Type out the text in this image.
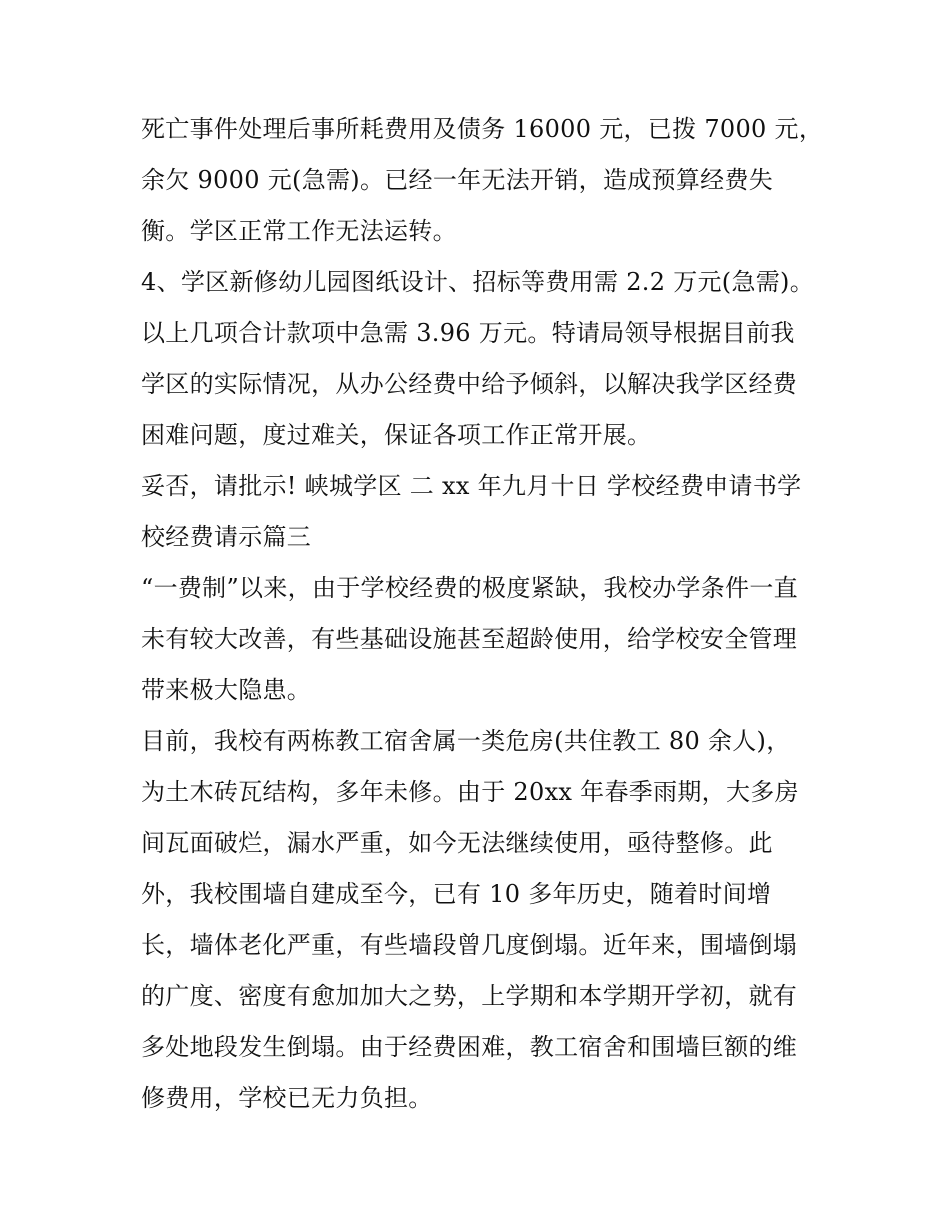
死亡事件处理后事所耗费用及债务 16000 元，已拨 7000 元，
余欠 9000 元(急需)。已经一年无法开销，造成预算经费失
衡。学区正常工作无法运转。
4、学区新修幼儿园图纸设计、招标等费用需 2.2 万元(急需)。
以上几项合计款项中急需 3.96 万元。特请局领导根据目前我
学区的实际情况，从办公经费中给予倾斜，以解决我学区经费
困难问题，度过难关，保证各项工作正常开展。
妥否，请批示! 峡城学区 二 xx 年九月十日 学校经费申请书学
校经费请示篇三
“一费制”以来，由于学校经费的极度紧缺，我校办学条件一直
未有较大改善，有些基础设施甚至超龄使用，给学校安全管理
带来极大隐患。
目前，我校有两栋教工宿舍属一类危房(共住教工 80 余人)，
为土木砖瓦结构，多年未修。由于 20xx 年春季雨期，大多房
间瓦面破烂，漏水严重，如今无法继续使用，亟待整修。此
外，我校围墙自建成至今，已有 10 多年历史，随着时间增
长，墙体老化严重，有些墙段曾几度倒塌。近年来，围墙倒塌
的广度、密度有愈加加大之势，上学期和本学期开学初，就有
多处地段发生倒塌。由于经费困难，教工宿舍和围墙巨额的维
修费用，学校已无力负担。
